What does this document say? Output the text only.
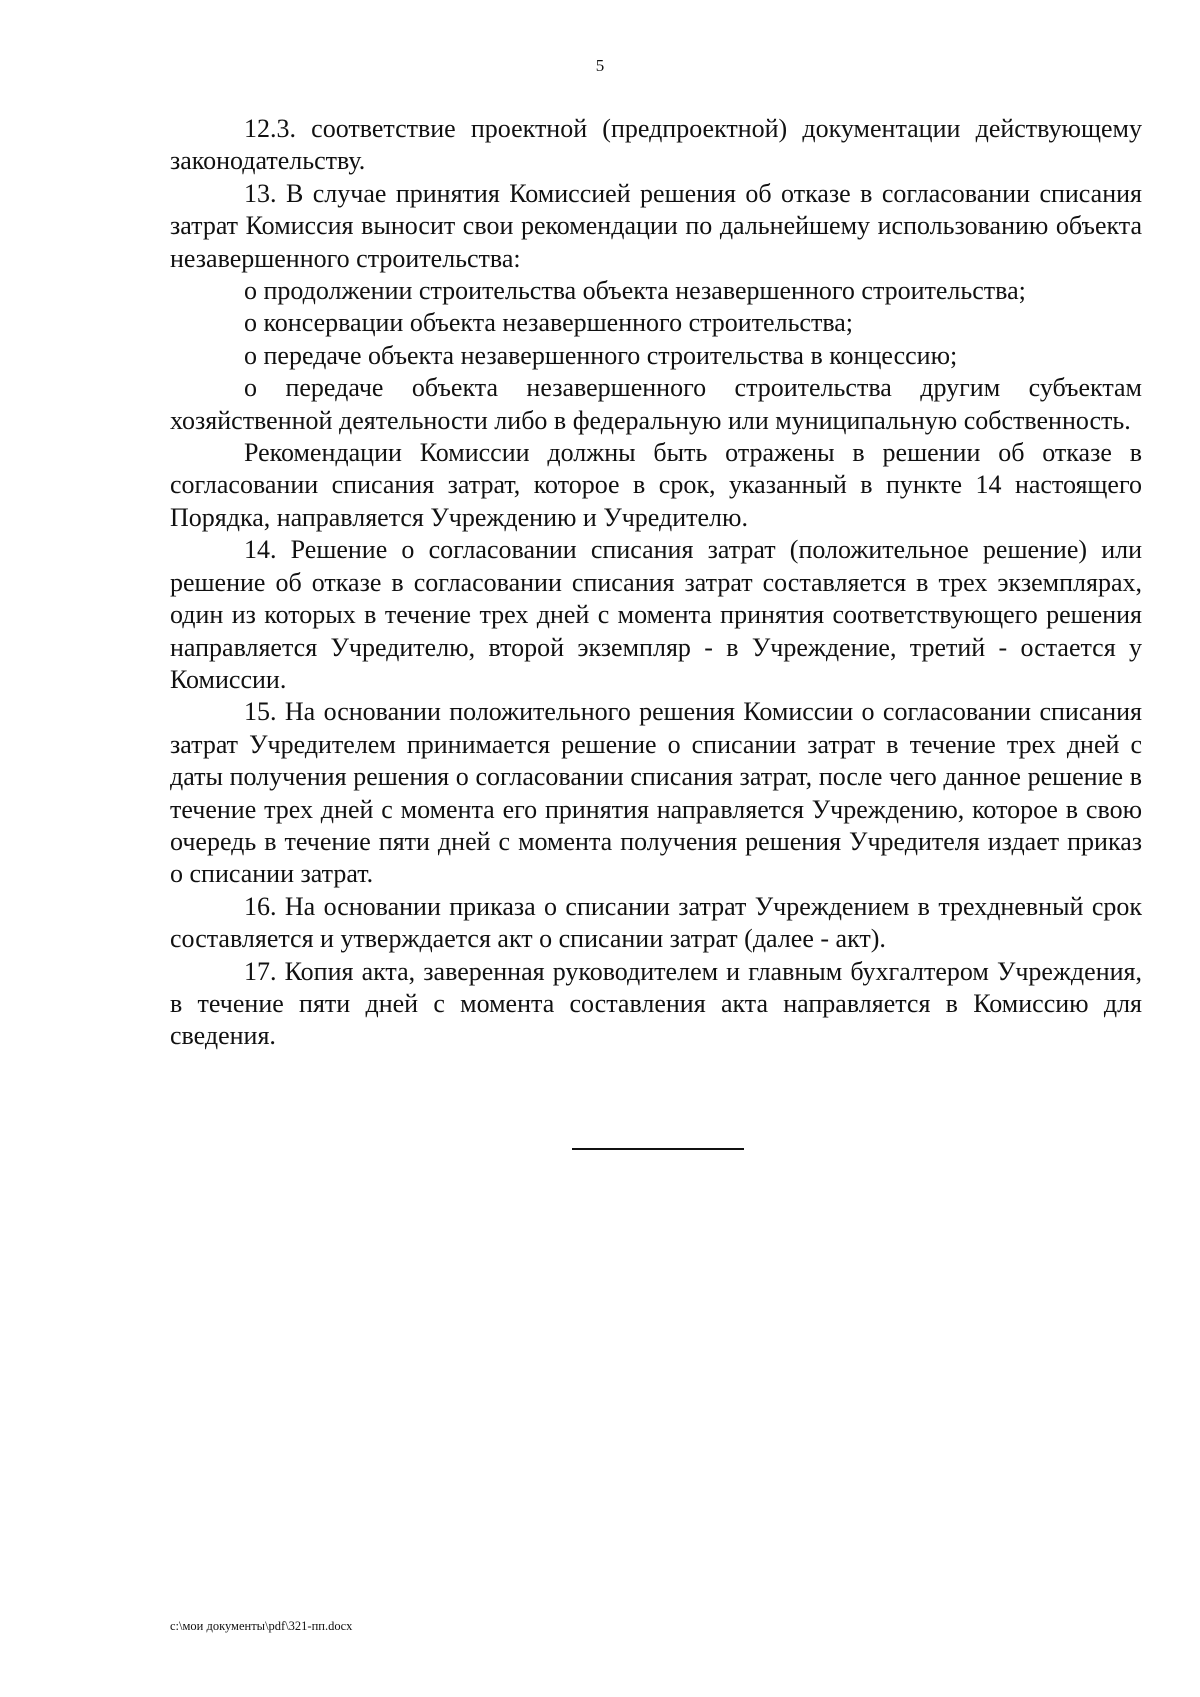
5

12.3. соответствие проектной (предпроектной) документации действующему законодательству.

13. В случае принятия Комиссией решения об отказе в согласовании списания затрат Комиссия выносит свои рекомендации по дальнейшему использованию объекта незавершенного строительства:

о продолжении строительства объекта незавершенного строительства;

о консервации объекта незавершенного строительства;

о передаче объекта незавершенного строительства в концессию;

о передаче объекта незавершенного строительства другим субъектам хозяйственной деятельности либо в федеральную или муниципальную собственность.

Рекомендации Комиссии должны быть отражены в решении об отказе в согласовании списания затрат, которое в срок, указанный в пункте 14 настоящего Порядка, направляется Учреждению и Учредителю.

14. Решение о согласовании списания затрат (положительное решение) или решение об отказе в согласовании списания затрат составляется в трех экземплярах, один из которых в течение трех дней с момента принятия соответствующего решения направляется Учредителю, второй экземпляр - в Учреждение, третий - остается у Комиссии.

15. На основании положительного решения Комиссии о согласовании списания затрат Учредителем принимается решение о списании затрат в течение трех дней с даты получения решения о согласовании списания затрат, после чего данное решение в течение трех дней с момента его принятия направляется Учреждению, которое в свою очередь в течение пяти дней с момента получения решения Учредителя издает приказ о списании затрат.

16. На основании приказа о списании затрат Учреждением в трехдневный срок составляется и утверждается акт о списании затрат (далее - акт).

17. Копия акта, заверенная руководителем и главным бухгалтером Учреждения, в течение пяти дней с момента составления акта направляется в Комиссию для сведения.

c:\мои документы\pdf\321-пп.docx
